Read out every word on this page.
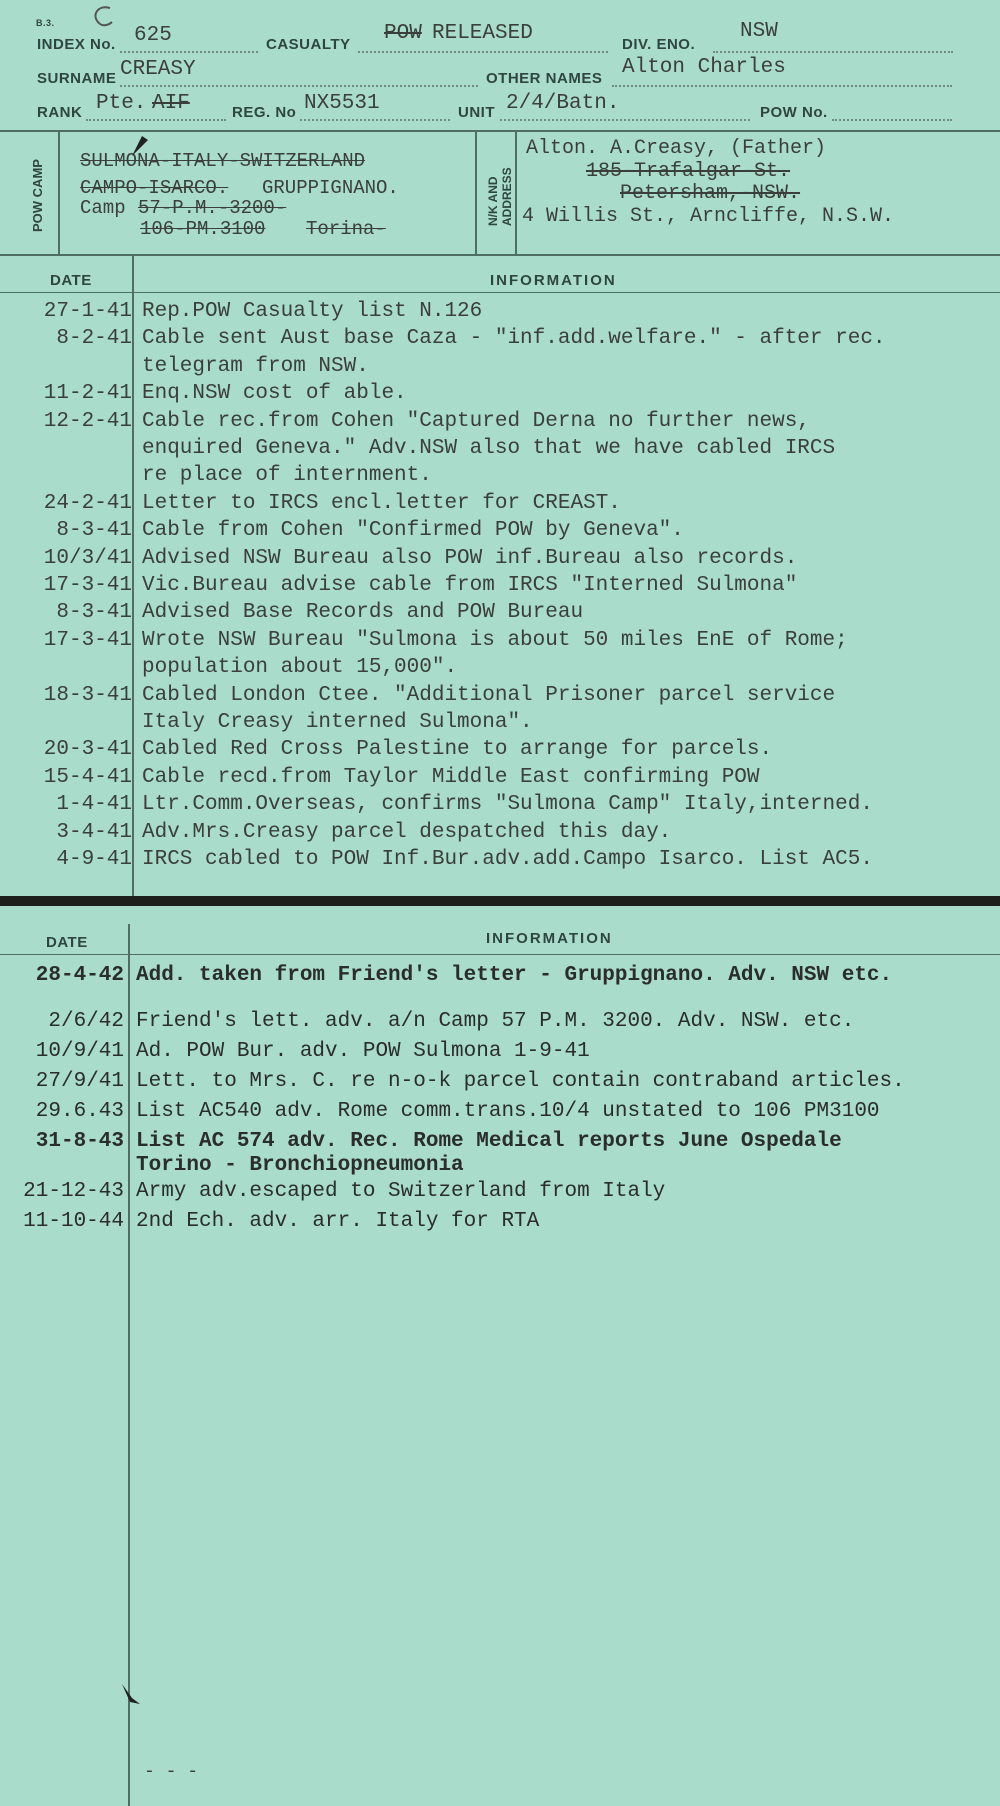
B.3.
INDEX No. 625	CASUALTY POW RELEASED	DIV. ENO.
NSW
SURNAME CREASY	OTHER NAMES Alton Charles
RANK Pte. AIF	REG. No NX5531	UNIT 2/4/Batn.	POW No.
POW CAMP	N/K AND ADDRESS
SULMONA-ITALY-SWITZERLAND
CAMPO-ISARCO. GRUPPIGNANO.
Camp 57-P.M.-3200-
106-PM.3100 Torina-
Alton. A.Creasy, (Father)
185-Trafalgar-St.
Petersham,-NSW.
4 Willis St., Arncliffe, N.S.W.
DATE	INFORMATION
27-1-41 Rep.POW Casualty list N.126
8-2-41 Cable sent Aust base Caza - "inf.add.welfare." - after rec.
telegram from NSW.
11-2-41 Enq.NSW cost of able.
12-2-41 Cable rec.from Cohen "Captured Derna no further news,
enquired Geneva." Adv.NSW also that we have cabled IRCS
re place of internment.
24-2-41 Letter to IRCS encl.letter for CREAST.
8-3-41 Cable from Cohen "Confirmed POW by Geneva".
10/3/41 Advised NSW Bureau also POW inf.Bureau also records.
17-3-41 Vic.Bureau advise cable from IRCS "Interned Sulmona"
8-3-41 Advised Base Records and POW Bureau
17-3-41 Wrote NSW Bureau "Sulmona is about 50 miles EnE of Rome;
population about 15,000".
18-3-41 Cabled London Ctee. "Additional Prisoner parcel service
Italy Creasy interned Sulmona".
20-3-41 Cabled Red Cross Palestine to arrange for parcels.
15-4-41 Cable recd.from Taylor Middle East confirming POW
1-4-41 Ltr.Comm.Overseas, confirms "Sulmona Camp" Italy,interned.
3-4-41 Adv.Mrs.Creasy parcel despatched this day.
4-9-41 IRCS cabled to POW Inf.Bur.adv.add.Campo Isarco. List AC5.
DATE	INFORMATION
28-4-42 Add. taken from Friend's letter - Gruppignano. Adv. NSW etc.
2/6/42 Friend's lett. adv. a/n Camp 57 P.M. 3200. Adv. NSW. etc.
10/9/41 Ad. POW Bur. adv. POW Sulmona 1-9-41
27/9/41 Lett. to Mrs. C. re n-o-k parcel contain contraband articles.
29.6.43 List AC540 adv. Rome comm.trans.10/4 unstated to 106 PM3100
31-8-43 List AC 574 adv. Rec. Rome Medical reports June Ospedale
Torino - Bronchiopneumonia
21-12-43 Army adv.escaped to Switzerland from Italy
11-10-44 2nd Ech. adv. arr. Italy for RTA
- - -
